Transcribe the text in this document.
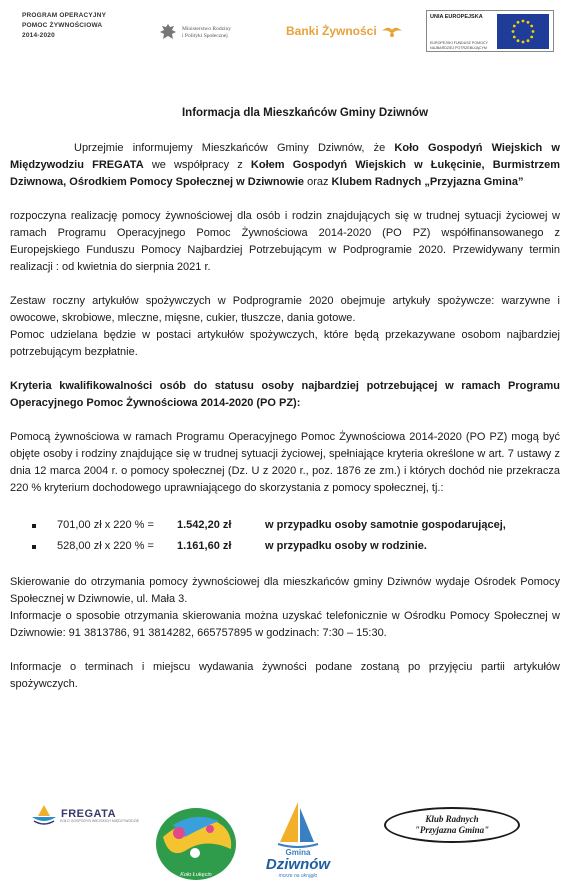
PROGRAM OPERACYJNY
POMOC ŻYWNOŚCIOWA
2014-2020
Ministerstwo Rodziny
i Polityki Społecznej	Banki Żywności
UNIA EUROPEJSKA
EUROPEJSKI FUNDUSZ POMOCY
NAJBARDZIEJ POTRZEBUJĄCYM
Informacja dla Mieszkańców Gminy Dziwnów
Uprzejmie informujemy Mieszkańców Gminy Dziwnów, że Koło Gospodyń Wiejskich w Międzywodziu FREGATA we współpracy z Kołem Gospodyń Wiejskich w Łukęcinie, Burmistrzem Dziwnowa, Ośrodkiem Pomocy Społecznej w Dziwnowie oraz Klubem Radnych „Przyjazna Gmina”
rozpoczyna realizację pomocy żywnościowej dla osób i rodzin znajdujących się w trudnej sytuacji życiowej w ramach Programu Operacyjnego Pomoc Żywnościowa 2014-2020 (PO PZ) współfinansowanego z Europejskiego Funduszu Pomocy Najbardziej Potrzebującym w Podprogramie 2020. Przewidywany termin realizacji : od kwietnia do sierpnia 2021 r.
Zestaw roczny artykułów spożywczych w Podprogramie 2020 obejmuje artykuły spożywcze: warzywne i owocowe, skrobiowe, mleczne, mięsne, cukier, tłuszcze, dania gotowe.
Pomoc udzielana będzie w postaci artykułów spożywczych, które będą przekazywane osobom najbardziej potrzebującym bezpłatnie.
Kryteria kwalifikowalności osób do statusu osoby najbardziej potrzebującej w ramach Programu Operacyjnego Pomoc Żywnościowa 2014-2020 (PO PZ):
Pomocą żywnościowa w ramach Programu Operacyjnego Pomoc Żywnościowa 2014-2020 (PO PZ) mogą być objęte osoby i rodziny znajdujące się w trudnej sytuacji życiowej, spełniające kryteria określone w art. 7 ustawy z dnia 12 marca 2004 r. o pomocy społecznej (Dz. U z 2020 r., poz. 1876 ze zm.) i których dochód nie przekracza 220 % kryterium dochodowego uprawniającego do skorzystania z pomocy społecznej, tj.:
701,00 zł x 220 % =	1.542,20 zł	w przypadku osoby samotnie gospodarującej,
528,00 zł x 220 % =	1.161,60 zł	w przypadku osoby w rodzinie.
Skierowanie do otrzymania pomocy żywnościowej dla mieszkańców gminy Dziwnów wydaje Ośrodek Pomocy Społecznej w Dziwnowie, ul. Mała 3.
Informacje o sposobie otrzymania skierowania można uzyskać telefonicznie w Ośrodku Pomocy Społecznej w Dziwnowie: 91 3813786, 91 3814282, 665757895 w godzinach: 7:30 – 15:30.
Informacje o terminach i miejscu wydawania żywności podane zostaną po przyjęciu partii artykułów spożywczych.
FREGATA
KOŁO GOSPODYŃ WIEJSKICH MIĘDZYWODZIE
Koło Łukęcin
Gmina
Dziwnów
morze na okrągło
Klub Radnych
"Przyjazna Gmina"
